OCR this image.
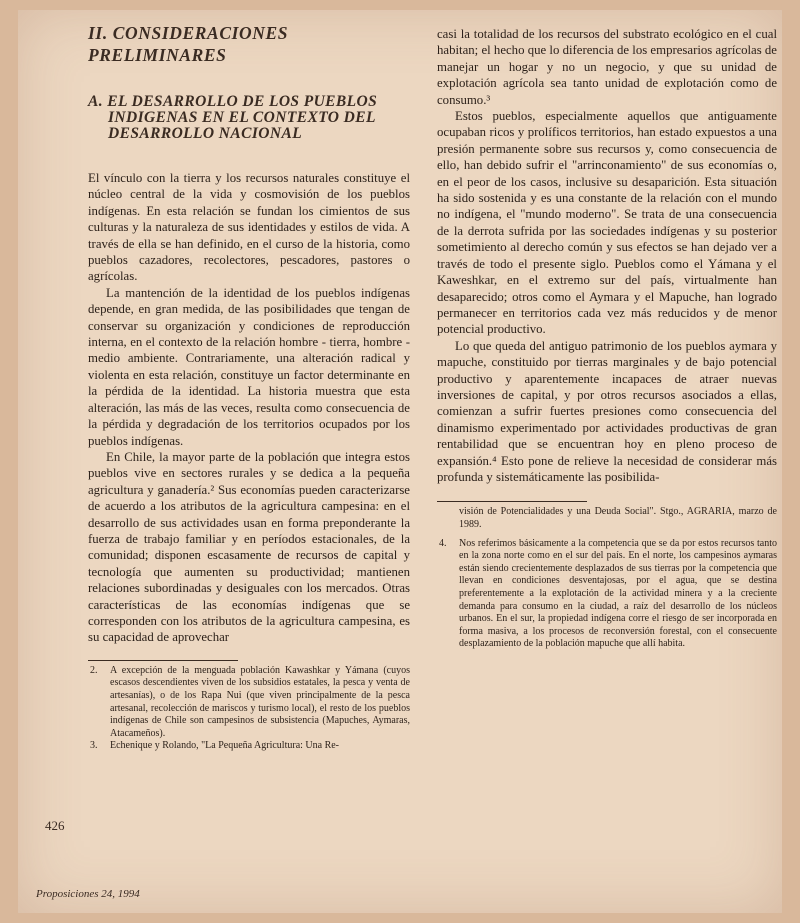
II. CONSIDERACIONES PRELIMINARES
A. EL DESARROLLO DE LOS PUEBLOS INDIGENAS EN EL CONTEXTO DEL DESARROLLO NACIONAL

El vínculo con la tierra y los recursos naturales constituye el núcleo central de la vida y cosmovisión de los pueblos indígenas. En esta relación se fundan los cimientos de sus culturas y la naturaleza de sus identidades y estilos de vida. A través de ella se han definido, en el curso de la historia, como pueblos cazadores, recolectores, pescadores, pastores o agrícolas.

La mantención de la identidad de los pueblos indígenas depende, en gran medida, de las posibilidades que tengan de conservar su organización y condiciones de reproducción interna, en el contexto de la relación hombre - tierra, hombre - medio ambiente. Contrariamente, una alteración radical y violenta en esta relación, constituye un factor determinante en la pérdida de la identidad. La historia muestra que esta alteración, las más de las veces, resulta como consecuencia de la pérdida y degradación de los territorios ocupados por los pueblos indígenas.

En Chile, la mayor parte de la población que integra estos pueblos vive en sectores rurales y se dedica a la pequeña agricultura y ganadería.² Sus economías pueden caracterizarse de acuerdo a los atributos de la agricultura campesina: en el desarrollo de sus actividades usan en forma preponderante la fuerza de trabajo familiar y en períodos estacionales, de la comunidad; disponen escasamente de recursos de capital y tecnología que aumenten su productividad; mantienen relaciones subordinadas y desiguales con los mercados. Otras características de las economías indígenas que se corresponden con los atributos de la agricultura campesina, es su capacidad de aprovechar

2. A excepción de la menguada población Kawashkar y Yámana (cuyos escasos descendientes viven de los subsidios estatales, la pesca y venta de artesanías), o de los Rapa Nui (que viven principalmente de la pesca artesanal, recolección de mariscos y turismo local), el resto de los pueblos indígenas de Chile son campesinos de subsistencia (Mapuches, Aymaras, Atacameños).

3. Echenique y Rolando, "La Pequeña Agricultura: Una Re-

casi la totalidad de los recursos del substrato ecológico en el cual habitan; el hecho que lo diferencia de los empresarios agrícolas de manejar un hogar y no un negocio, y que su unidad de explotación agrícola sea tanto unidad de explotación como de consumo.³

Estos pueblos, especialmente aquellos que antiguamente ocupaban ricos y prolíficos territorios, han estado expuestos a una presión permanente sobre sus recursos y, como consecuencia de ello, han debido sufrir el "arrinconamiento" de sus economías o, en el peor de los casos, inclusive su desaparición. Esta situación ha sido sostenida y es una constante de la relación con el mundo no indígena, el "mundo moderno". Se trata de una consecuencia de la derrota sufrida por las sociedades indígenas y su posterior sometimiento al derecho común y sus efectos se han dejado ver a través de todo el presente siglo. Pueblos como el Yámana y el Kaweshkar, en el extremo sur del país, virtualmente han desaparecido; otros como el Aymara y el Mapuche, han logrado permanecer en territorios cada vez más reducidos y de menor potencial productivo.

Lo que queda del antiguo patrimonio de los pueblos aymara y mapuche, constituido por tierras marginales y de bajo potencial productivo y aparentemente incapaces de atraer nuevas inversiones de capital, y por otros recursos asociados a ellas, comienzan a sufrir fuertes presiones como consecuencia del dinamismo experimentado por actividades productivas de gran rentabilidad que se encuentran hoy en pleno proceso de expansión.⁴ Esto pone de relieve la necesidad de considerar más profunda y sistemáticamente las posibilida-

visión de Potencialidades y una Deuda Social". Stgo., AGRARIA, marzo de 1989.

4. Nos referimos básicamente a la competencia que se da por estos recursos tanto en la zona norte como en el sur del país. En el norte, los campesinos aymaras están siendo crecientemente desplazados de sus tierras por la competencia que llevan en condiciones desventajosas, por el agua, que se destina preferentemente a la explotación de la actividad minera y a la creciente demanda para consumo en la ciudad, a raíz del desarrollo de los núcleos urbanos. En el sur, la propiedad indígena corre el riesgo de ser incorporada en forma masiva, a los procesos de reconversión forestal, con el consecuente desplazamiento de la población mapuche que allí habita.

426
Proposiciones 24, 1994
